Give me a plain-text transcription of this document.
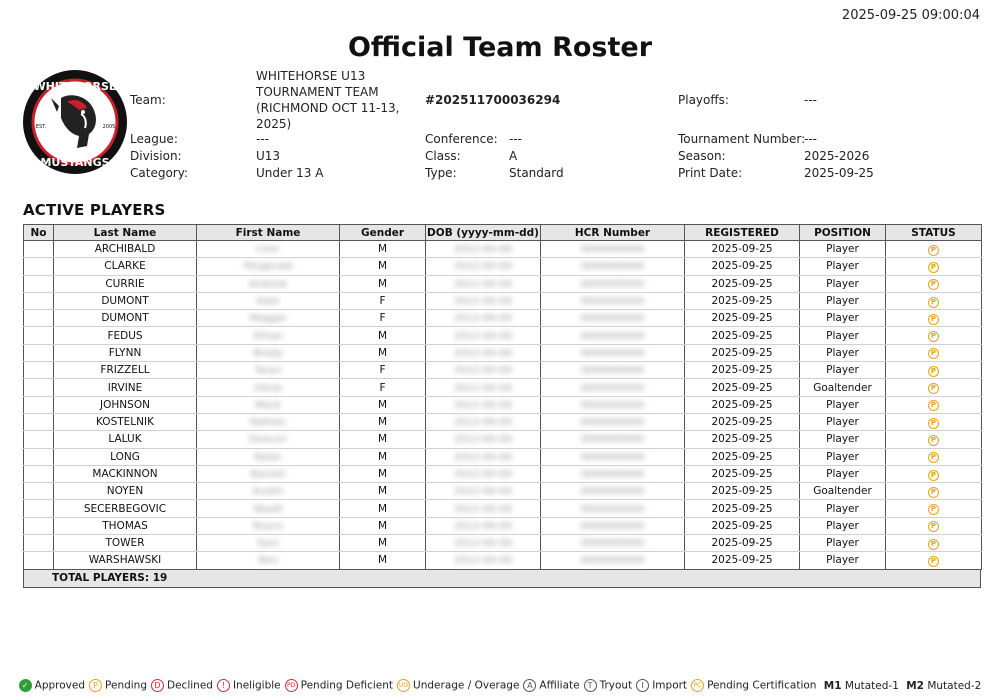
2025-09-25 09:00:04
Official Team Roster
WHITEHORSE
MUSTANGS
EST.	2005
Team:
WHITEHORSE U13
TOURNAMENT TEAM
(RICHMOND OCT 11-13,
2025)
#202511700036294	Playoffs:	---
League:	---	Conference: ---	Tournament Number:
---
Division:	U13	Class:	A	Season:	2025-2026
Category:	Under 13 A	Type:	Standard	Print Date:	2025-09-25
ACTIVE PLAYERS
No	Last Name	First Name	Gender	DOB (yyyy-mm-dd)	HCR Number	REGISTERED	POSITION	STATUS
	ARCHIBALD	Ceer	M	2012-00-00	0000000000	2025-09-25	Player	P
	CLARKE	Fitzgerald	M	2012-00-00	0000000000	2025-09-25	Player	P
	CURRIE	Andrew	M	2012-00-00	0000000000	2025-09-25	Player	P
	DUMONT	Kate	F	2012-00-00	0000000000	2025-09-25	Player	P
	DUMONT	Maggie	F	2012-00-00	0000000000	2025-09-25	Player	P
	FEDUS	Ethan	M	2012-00-00	0000000000	2025-09-25	Player	P
	FLYNN	Brady	M	2012-00-00	0000000000	2025-09-25	Player	P
	FRIZZELL	Taryn	F	2012-00-00	0000000000	2025-09-25	Player	P
	IRVINE	Olivia	F	2012-00-00	0000000000	2025-09-25	Goaltender	P
	JOHNSON	Mack	M	2012-00-00	0000000000	2025-09-25	Player	P
	KOSTELNIK	Nathan	M	2012-00-00	0000000000	2025-09-25	Player	P
	LALUK	Deacon	M	2012-00-00	0000000000	2025-09-25	Player	P
	LONG	Rylan	M	2012-00-00	0000000000	2025-09-25	Player	P
	MACKINNON	Barrett	M	2012-00-00	0000000000	2025-09-25	Player	P
	NOYEN	Austin	M	2012-00-00	0000000000	2025-09-25	Goaltender	P
	SECERBEGOVIC	Wyatt	M	2012-00-00	0000000000	2025-09-25	Player	P
	THOMAS	Royce	M	2012-00-00	0000000000	2025-09-25	Player	P
	TOWER	Sam	M	2012-00-00	0000000000	2025-09-25	Player	P
	WARSHAWSKI	Ben	M	2012-00-00	0000000000	2025-09-25	Player	P
TOTAL PLAYERS: 19
✓ Approved P Pending D Declined ! Ineligible PD Pending Deficient UO Underage / Overage A Affiliate T Tryout I Import PC Pending Certification M1 Mutated-1 M2 Mutated-2
